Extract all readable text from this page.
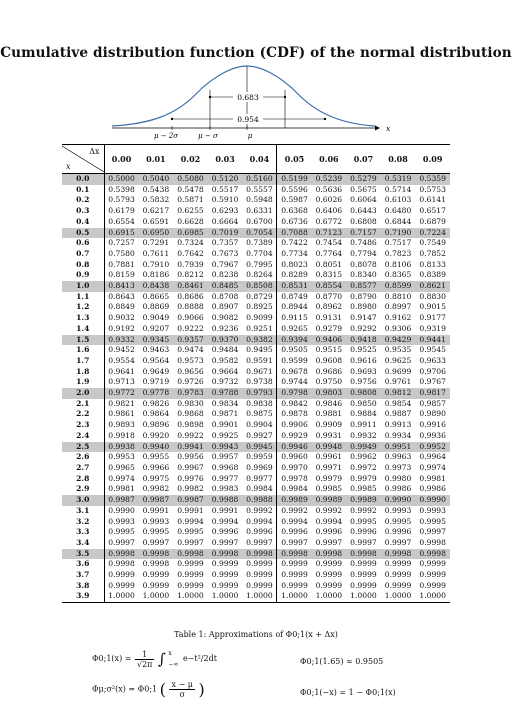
Cumulative distribution function (CDF) of the normal distribution
0.683
0.954
μ − 2σ	μ − σ	μ
x
Δx
x	0.00	0.01	0.02	0.03	0.04	0.05	0.06	0.07	0.08	0.09
0.0	0.5000	0.5040	0.5080	0.5120	0.5160	0.5199	0.5239	0.5279	0.5319	0.5359
0.1	0.5398	0.5438	0.5478	0.5517	0.5557	0.5596	0.5636	0.5675	0.5714	0.5753
0.2	0.5793	0.5832	0.5871	0.5910	0.5948	0.5987	0.6026	0.6064	0.6103	0.6141
0.3	0.6179	0.6217	0.6255	0.6293	0.6331	0.6368	0.6406	0.6443	0.6480	0.6517
0.4	0.6554	0.6591	0.6628	0.6664	0.6700	0.6736	0.6772	0.6808	0.6844	0.6879
0.5	0.6915	0.6950	0.6985	0.7019	0.7054	0.7088	0.7123	0.7157	0.7190	0.7224
0.6	0.7257	0.7291	0.7324	0.7357	0.7389	0.7422	0.7454	0.7486	0.7517	0.7549
0.7	0.7580	0.7611	0.7642	0.7673	0.7704	0.7734	0.7764	0.7794	0.7823	0.7852
0.8	0.7881	0.7910	0.7939	0.7967	0.7995	0.8023	0.8051	0.8078	0.8106	0.8133
0.9	0.8159	0.8186	0.8212	0.8238	0.8264	0.8289	0.8315	0.8340	0.8365	0.8389
1.0	0.8413	0.8438	0.8461	0.8485	0.8508	0.8531	0.8554	0.8577	0.8599	0.8621
1.1	0.8643	0.8665	0.8686	0.8708	0.8729	0.8749	0.8770	0.8790	0.8810	0.8830
1.2	0.8849	0.8869	0.8888	0.8907	0.8925	0.8944	0.8962	0.8980	0.8997	0.9015
1.3	0.9032	0.9049	0.9066	0.9082	0.9099	0.9115	0.9131	0.9147	0.9162	0.9177
1.4	0.9192	0.9207	0.9222	0.9236	0.9251	0.9265	0.9279	0.9292	0.9306	0.9319
1.5	0.9332	0.9345	0.9357	0.9370	0.9382	0.9394	0.9406	0.9418	0.9429	0.9441
1.6	0.9452	0.9463	0.9474	0.9484	0.9495	0.9505	0.9515	0.9525	0.9535	0.9545
1.7	0.9554	0.9564	0.9573	0.9582	0.9591	0.9599	0.9608	0.9616	0.9625	0.9633
1.8	0.9641	0.9649	0.9656	0.9664	0.9671	0.9678	0.9686	0.9693	0.9699	0.9706
1.9	0.9713	0.9719	0.9726	0.9732	0.9738	0.9744	0.9750	0.9756	0.9761	0.9767
2.0	0.9772	0.9778	0.9783	0.9788	0.9793	0.9798	0.9803	0.9808	0.9812	0.9817
2.1	0.9821	0.9826	0.9830	0.9834	0.9838	0.9842	0.9846	0.9850	0.9854	0.9857
2.2	0.9861	0.9864	0.9868	0.9871	0.9875	0.9878	0.9881	0.9884	0.9887	0.9890
2.3	0.9893	0.9896	0.9898	0.9901	0.9904	0.9906	0.9909	0.9911	0.9913	0.9916
2.4	0.9918	0.9920	0.9922	0.9925	0.9927	0.9929	0.9931	0.9932	0.9934	0.9936
2.5	0.9938	0.9940	0.9941	0.9943	0.9945	0.9946	0.9948	0.9949	0.9951	0.9952
2.6	0.9953	0.9955	0.9956	0.9957	0.9959	0.9960	0.9961	0.9962	0.9963	0.9964
2.7	0.9965	0.9966	0.9967	0.9968	0.9969	0.9970	0.9971	0.9972	0.9973	0.9974
2.8	0.9974	0.9975	0.9976	0.9977	0.9977	0.9978	0.9979	0.9979	0.9980	0.9981
2.9	0.9981	0.9982	0.9982	0.9983	0.9984	0.9984	0.9985	0.9985	0.9986	0.9986
3.0	0.9987	0.9987	0.9987	0.9988	0.9988	0.9989	0.9989	0.9989	0.9990	0.9990
3.1	0.9990	0.9991	0.9991	0.9991	0.9992	0.9992	0.9992	0.9992	0.9993	0.9993
3.2	0.9993	0.9993	0.9994	0.9994	0.9994	0.9994	0.9994	0.9995	0.9995	0.9995
3.3	0.9995	0.9995	0.9995	0.9996	0.9996	0.9996	0.9996	0.9996	0.9996	0.9997
3.4	0.9997	0.9997	0.9997	0.9997	0.9997	0.9997	0.9997	0.9997	0.9997	0.9998
3.5	0.9998	0.9998	0.9998	0.9998	0.9998	0.9998	0.9998	0.9998	0.9998	0.9998
3.6	0.9998	0.9998	0.9999	0.9999	0.9999	0.9999	0.9999	0.9999	0.9999	0.9999
3.7	0.9999	0.9999	0.9999	0.9999	0.9999	0.9999	0.9999	0.9999	0.9999	0.9999
3.8	0.9999	0.9999	0.9999	0.9999	0.9999	0.9999	0.9999	0.9999	0.9999	0.9999
3.9	1.0000	1.0000	1.0000	1.0000	1.0000	1.0000	1.0000	1.0000	1.0000	1.0000
Table 1: Approximations of Φ0;1(x + Δx)
Φ0;1(x) = $\frac{1}{√2\pi}$ ∫ x
−∞
e−t²/2dt	Φ0;1(1.65) ≈ 0.9505
Φμ;σ²(x) = Φ0;1 ( $\frac{x - \mu}{\sigma}$ )	Φ0;1(−x) = 1 − Φ0;1(x)
